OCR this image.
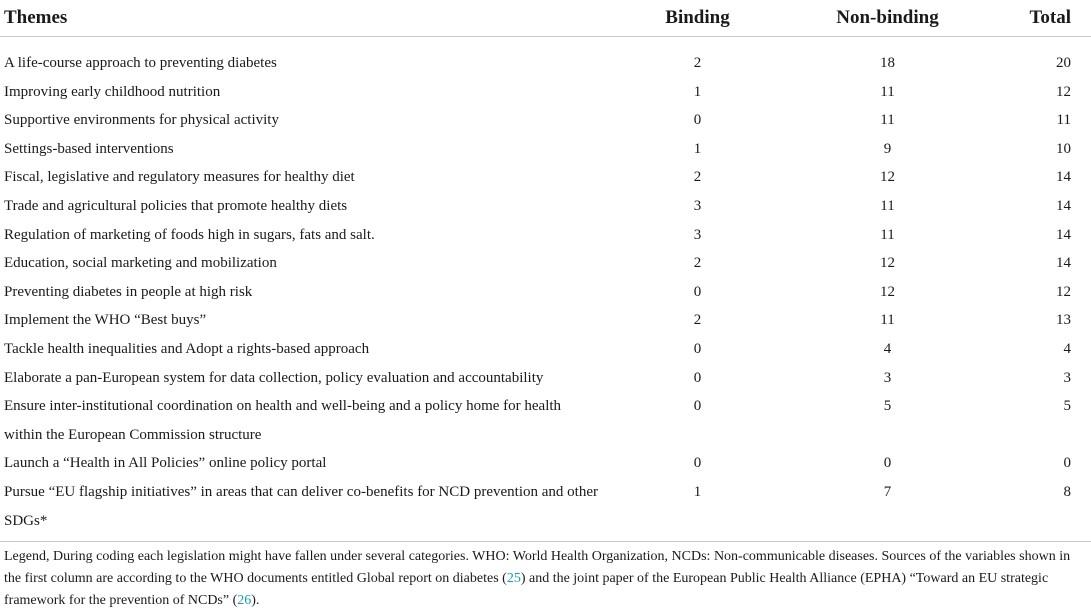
Themes	Binding	Non-binding	Total
A life-course approach to preventing diabetes	2	18	20
Improving early childhood nutrition	1	11	12
Supportive environments for physical activity	0	11	11
Settings-based interventions	1	9	10
Fiscal, legislative and regulatory measures for healthy diet	2	12	14
Trade and agricultural policies that promote healthy diets	3	11	14
Regulation of marketing of foods high in sugars, fats and salt.	3	11	14
Education, social marketing and mobilization	2	12	14
Preventing diabetes in people at high risk	0	12	12
Implement the WHO “Best buys”	2	11	13
Tackle health inequalities and Adopt a rights-based approach	0	4	4
Elaborate a pan-European system for data collection, policy evaluation and accountability	0	3	3
Ensure inter-institutional coordination on health and well-being and a policy home for health within the European Commission structure	0	5	5
Launch a “Health in All Policies” online policy portal	0	0	0
Pursue “EU flagship initiatives” in areas that can deliver co-benefits for NCD prevention and other SDGs*	1	7	8
Legend, During coding each legislation might have fallen under several categories. WHO: World Health Organization, NCDs: Non-communicable diseases. Sources of the variables shown in the first column are according to the WHO documents entitled Global report on diabetes (25) and the joint paper of the European Public Health Alliance (EPHA) “Toward an EU strategic framework for the prevention of NCDs” (26).
